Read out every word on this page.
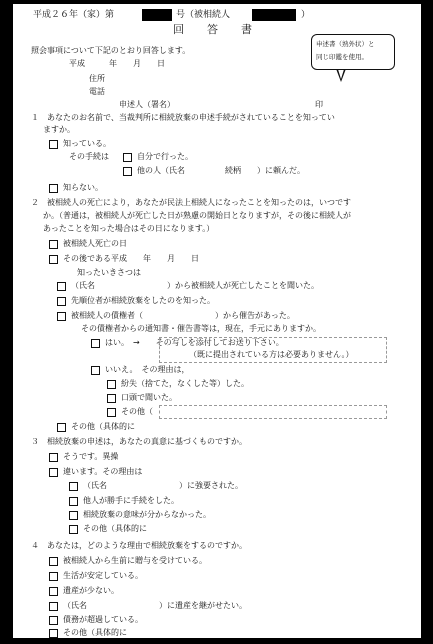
平成２６年（家）第	号（被相続人	）
回　答　書
照会事項について下記のとおり回答します。
平成　　　年　　月　　日
住所
電話
申述人（署名）	印
申述書（熟外状）と
同じ印鑑を使用。
１　あなたのお名前で、当裁判所に相続放棄の申述手続がされていることを知ってい
ますか。
知っている。
その手続は	自分で行った。
他の人（氏名　　　　　続柄　　）に頼んだ。
知らない。
２　被相続人の死亡により，あなたが民法上相続人になったことを知ったのは，いつです
か。（普通は，被相続人が死亡した日が熟慮の開始日となりますが，その後に相続人が
あったことを知った場合はその日になります。）
被相続人死亡の日
その後である平成　　年　　月　　日
知ったいきさつは
（氏名　　　　　　　　　）から被相続人が死亡したことを聞いた。
先順位者が相続放棄をしたのを知った。
被相続人の債権者（　　　　　　　　　）から催告があった。
その債権者からの通知書・催告書等は，現在，手元にありますか。
はい。　→　　その写しを添付してお送り下さい。
（既に提出されている方は必要ありません。）
いいえ。　その理由は，
紛失（捨てた，なくした等）した。
口頭で聞いた。
その他（
その他（具体的に
３　相続放棄の申述は，あなたの真意に基づくものですか。
そうです。異操
違います。その理由は
（氏名　　　　　　　　　）に強要された。
他人が勝手に手続をした。
相続放棄の意味が分からなかった。
その他（具体的に
４　あなたは，どのような理由で相続放棄をするのですか。
被相続人から生前に贈与を受けている。
生活が安定している。
遺産が少ない。
（氏名　　　　　　　　　）に遺産を継がせたい。
債務が超過している。
その他（具体的に
